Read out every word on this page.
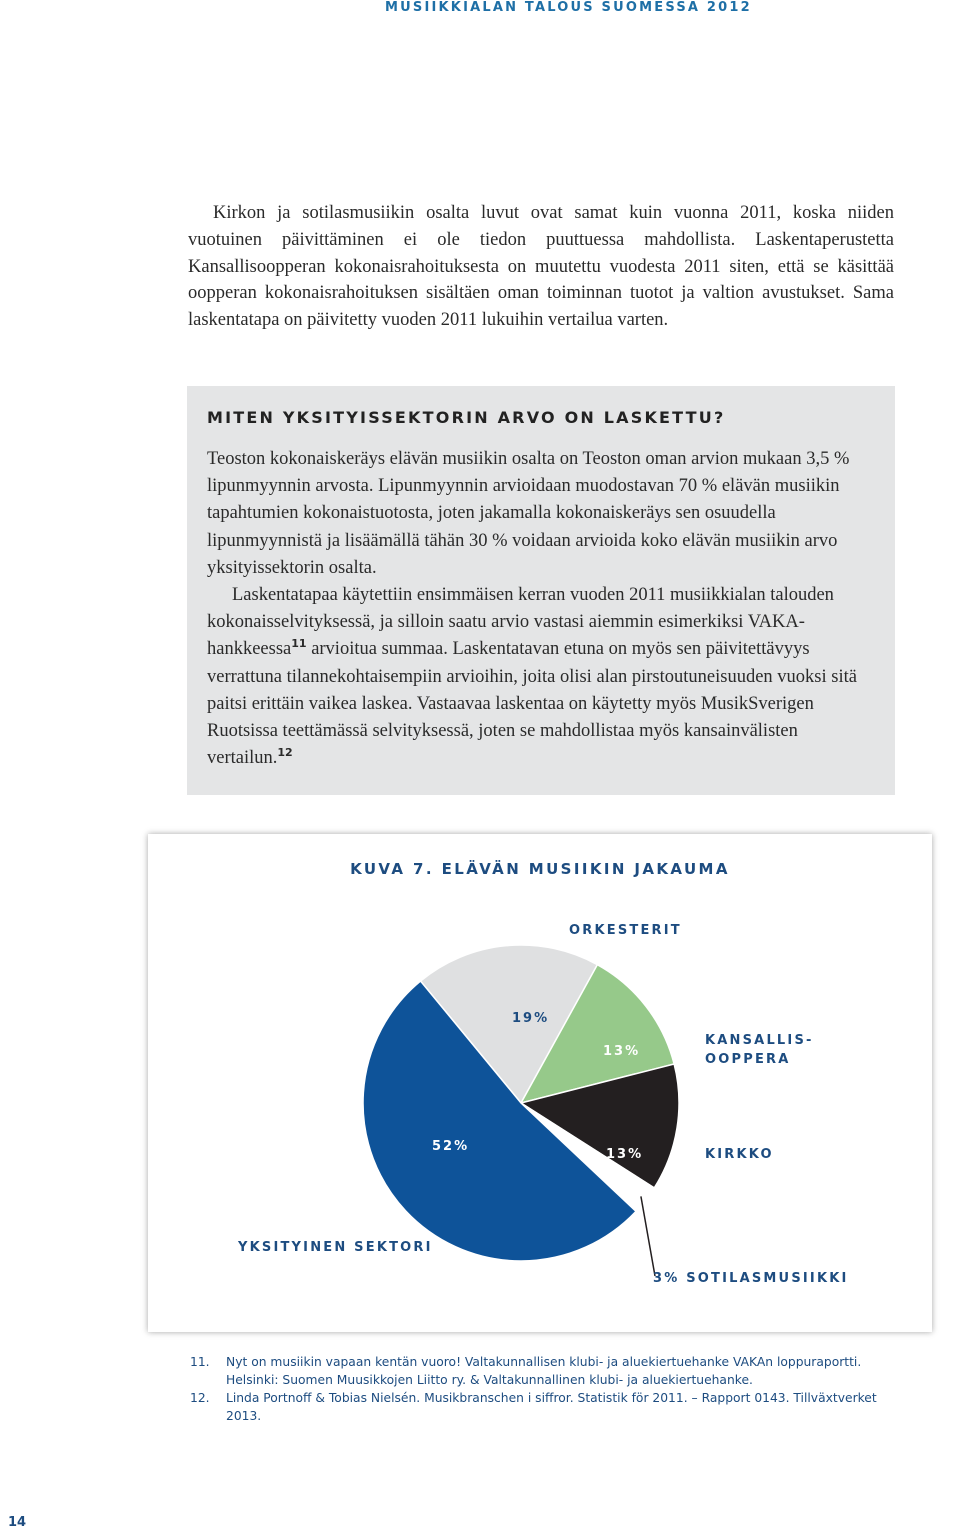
MUSIIKKIALAN TALOUS SUOMESSA 2012

Kirkon ja sotilasmusiikin osalta luvut ovat samat kuin vuonna 2011, koska niiden vuotuinen päivittäminen ei ole tiedon puuttuessa mahdollista. Laskentaperustetta Kansallisoopperan kokonaisrahoituksesta on muutettu vuodesta 2011 siten, että se käsittää oopperan kokonaisrahoituksen sisältäen oman toiminnan tuotot ja valtion avustukset. Sama laskentatapa on päivitetty vuoden 2011 lukuihin vertailua varten.

MITEN YKSITYISSEKTORIN ARVO ON LASKETTU?

Teoston kokonaiskeräys elävän musiikin osalta on Teoston oman arvion mukaan 3,5 % lipunmyynnin arvosta. Lipunmyynnin arvioidaan muodostavan 70 % elävän musiikin tapahtumien kokonaistuotosta, joten jakamalla kokonaiskeräys sen osuudella lipunmyynnistä ja lisäämällä tähän 30 % voidaan arvioida koko elävän musiikin arvo yksityissektorin osalta.

Laskentatapaa käytettiin ensimmäisen kerran vuoden 2011 musiikkialan talouden kokonaisselvityksessä, ja silloin saatu arvio vastasi aiemmin esimerkiksi VAKA-hankkeessa$^{11}$ arvioitua summaa. Laskentatavan etuna on myös sen päivitettävyys verrattuna tilannekohtaisempiin arvioihin, joita olisi alan pirstoutuneisuuden vuoksi sitä paitsi erittäin vaikea laskea. Vastaavaa laskentaa on käytetty myös MusikSverigen Ruotsissa teettämässä selvityksessä, joten se mahdollistaa myös kansainvälisten vertailun.$^{12}$

KUVA 7. ELÄVÄN MUSIIKIN JAKAUMA
ORKESTERIT
KANSALLIS-
OOPPERA
KIRKKO
YKSITYINEN SEKTORI
3% SOTILASMUSIIKKI
19%
13%
13%
52%
11.	Nyt on musiikin vapaan kentän vuoro! Valtakunnallisen klubi- ja aluekiertuehanke VAKAn loppuraportti. Helsinki: Suomen Muusikkojen Liitto ry. & Valtakunnallinen klubi- ja aluekiertuehanke.
12.	Linda Portnoff & Tobias Nielsén. Musikbranschen i siffror. Statistik för 2011. – Rapport 0143. Tillväxtverket 2013.
14
